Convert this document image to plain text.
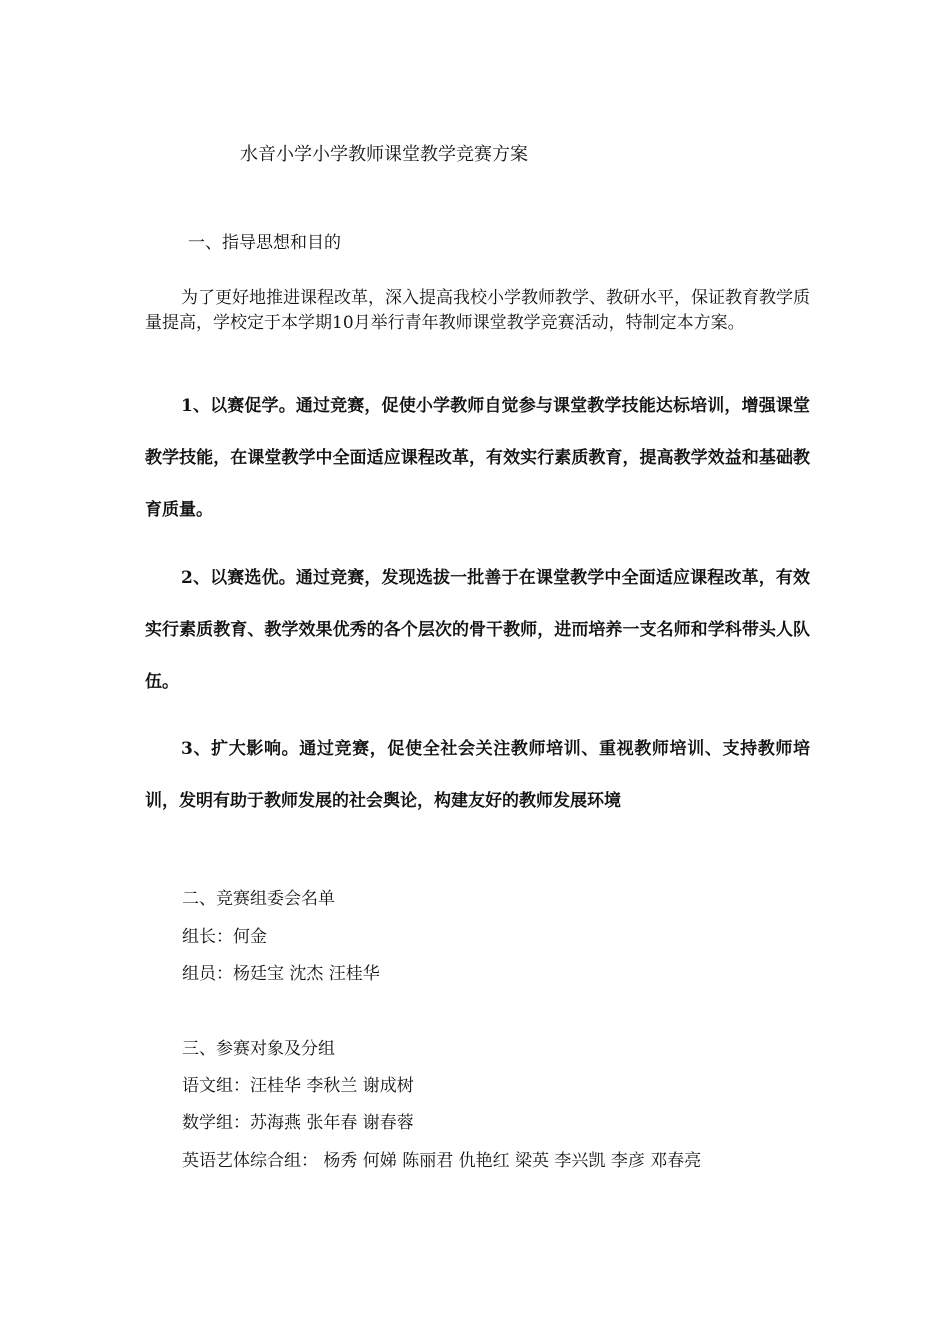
水音小学小学教师课堂教学竞赛方案
一、指导思想和目的
为了更好地推进课程改革，深入提高我校小学教师教学、教研水平，保证教育教学质量提高，学校定于本学期10月举行青年教师课堂教学竞赛活动，特制定本方案。
1、以赛促学。通过竞赛，促使小学教师自觉参与课堂教学技能达标培训，增强课堂教学技能，在课堂教学中全面适应课程改革，有效实行素质教育，提高教学效益和基础教育质量。
2、以赛选优。通过竞赛，发现选拔一批善于在课堂教学中全面适应课程改革，有效实行素质教育、教学效果优秀的各个层次的骨干教师，进而培养一支名师和学科带头人队伍。
3、扩大影响。通过竞赛，促使全社会关注教师培训、重视教师培训、支持教师培训，发明有助于教师发展的社会舆论，构建友好的教师发展环境
二、竞赛组委会名单
组长：何金
组员：杨廷宝 沈杰 汪桂华
三、参赛对象及分组
语文组：汪桂华 李秋兰 谢成树
数学组：苏海燕 张年春 谢春蓉
英语艺体综合组： 杨秀 何娣 陈丽君 仇艳红 梁英 李兴凯 李彦 邓春亮
